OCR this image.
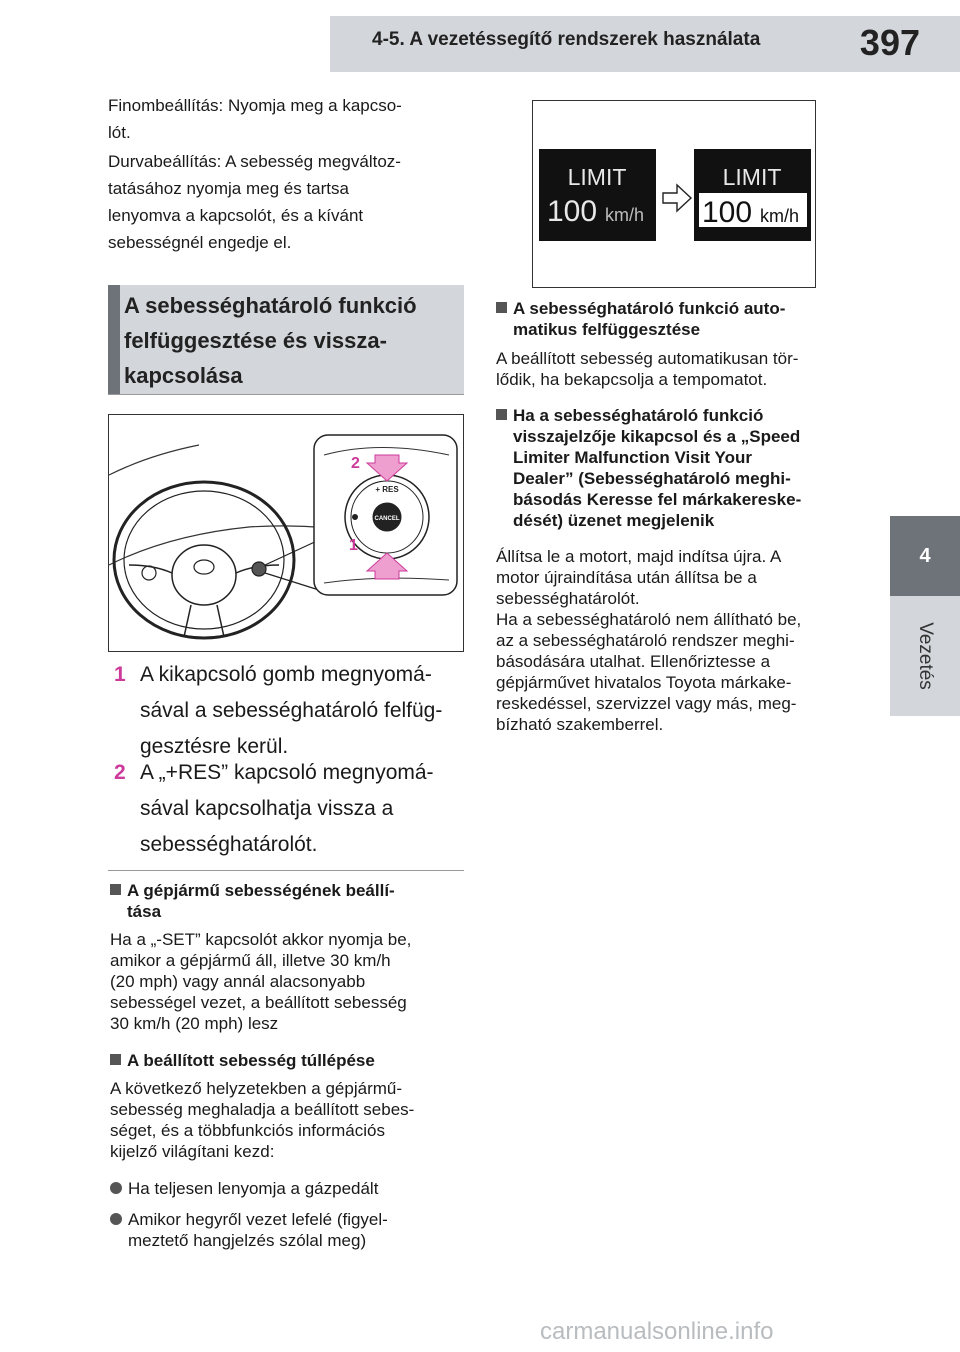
4-5. A vezetéssegítő rendszerek használata	397
4
Vezetés
Finombeállítás: Nyomja meg a kapcso-
lót.
Durvabeállítás: A sebesség megváltoz-
tatásához nyomja meg és tartsa
lenyomva a kapcsolót, és a kívánt
sebességnél engedje el.
A sebességhatároló funkció
felfüggesztése és vissza-
kapcsolása
+ RES
CANCEL
2
1
1 A kikapcsoló gomb megnyomá-
sával a sebességhatároló felfüg-
gesztésre kerül.
2 A „+RES” kapcsoló megnyomá-
sával kapcsolhatja vissza a
sebességhatárolót.
A gépjármű sebességének beállí-
tása
Ha a „-SET” kapcsolót akkor nyomja be,
amikor a gépjármű áll, illetve 30 km/h
(20 mph) vagy annál alacsonyabb
sebességel vezet, a beállított sebesség
30 km/h (20 mph) lesz
A beállított sebesség túllépése
A következő helyzetekben a gépjármű-
sebesség meghaladja a beállított sebes-
séget, és a többfunkciós információs
kijelző világítani kezd:
Ha teljesen lenyomja a gázpedált
Amikor hegyről vezet lefelé (figyel-
meztető hangjelzés szólal meg)
LIMIT
100 km/h
LIMIT
100 km/h
A sebességhatároló funkció auto-
matikus felfüggesztése
A beállított sebesség automatikusan tör-
lődik, ha bekapcsolja a tempomatot.
Ha a sebességhatároló funkció
visszajelzője kikapcsol és a „Speed
Limiter Malfunction Visit Your
Dealer” (Sebességhatároló meghi-
básodás Keresse fel márkakereske-
dését) üzenet megjelenik
Állítsa le a motort, majd indítsa újra. A
motor újraindítása után állítsa be a
sebességhatárolót.
Ha a sebességhatároló nem állítható be,
az a sebességhatároló rendszer meghi-
básodására utalhat. Ellenőriztesse a
gépjárművet hivatalos Toyota márkake-
reskedéssel, szervizzel vagy más, meg-
bízható szakemberrel.
carmanualsonline.info
